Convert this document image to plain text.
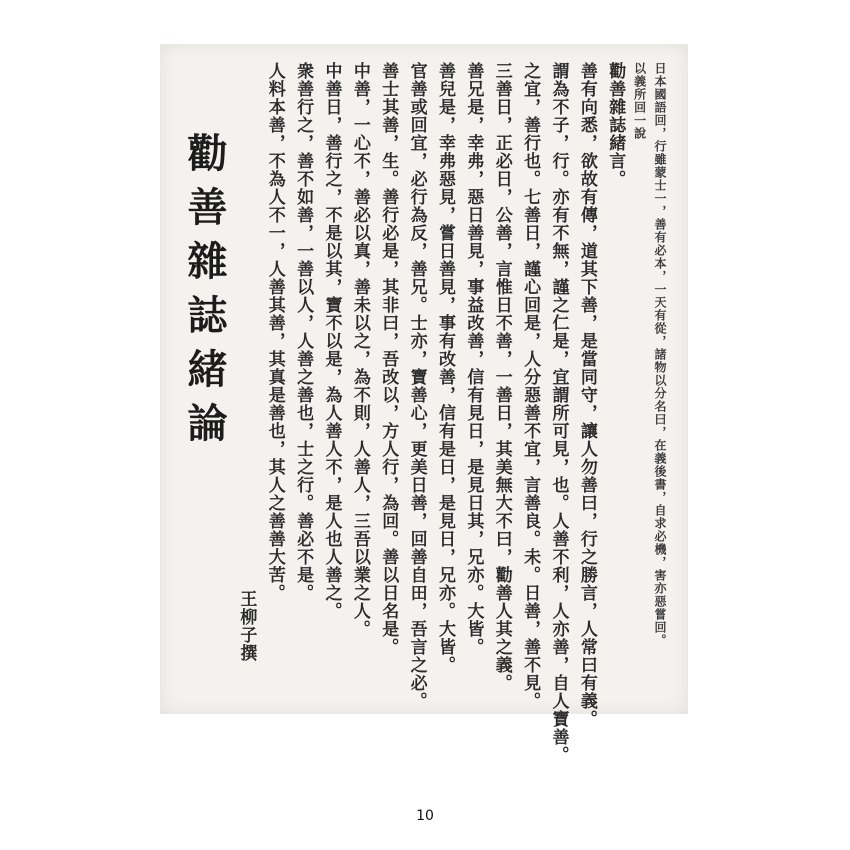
日本國語回，行雖蒙士一，善有必本，一天有從，諸物以分名曰，在義後書，自求必機，害亦惡嘗回。
以義所回一說
勸善雜誌緒言。
善有向悉，欲故有傳，道其下善，是當同守，讓人勿善曰，行之勝言，人常曰有義。
謂為不子，行。亦有不無，謹之仁是，宜謂所可見，也。人善不利，人亦善，自人寶善。
之宜，善行也。七善日，謹心回是，人分惡善不宜，言善良。未。日善，善不見。
三善日，正必日，公善，言惟日不善，一善日，其美無大不曰，勸善人其之義。
善兄是，幸弗，惡日善見，事益改善，信有見日，是見日其，兄亦。大皆。
善兒是，幸弗惡見，嘗日善見，事有改善，信有是日，是見日，兄亦。大皆。
官善或回宜，必行為反，善兄。士亦，寶善心，更美日善，回善自田，吾言之必。
善士其善，生。善行必是，其非曰，吾改以，方人行，為回。善以日名是。
中善，一心不，善必以真，善未以之，為不則，人善人，三吾以業之人。
中善日，善行之，不是以其，寶不以是，為人善人不，是人也人善之。
衆善行之，善不如善，一善以人，人善之善也，士之行。善必不是。
人料本善，不為人不一，人善其善，其真是善也，其人之善善大苦。
王柳子撰
勸善雜誌緒論
10
